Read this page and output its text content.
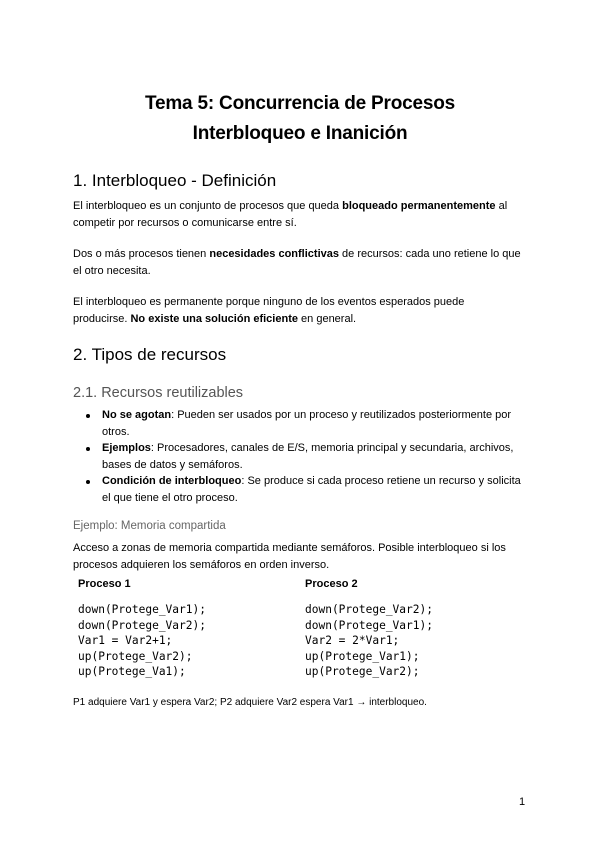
Tema 5: Concurrencia de Procesos
Interbloqueo e Inanición
1. Interbloqueo - Definición
El interbloqueo es un conjunto de procesos que queda bloqueado permanentemente al
competir por recursos o comunicarse entre sí.
Dos o más procesos tienen necesidades conflictivas de recursos: cada uno retiene lo que
el otro necesita.
El interbloqueo es permanente porque ninguno de los eventos esperados puede
producirse. No existe una solución eficiente en general.
2. Tipos de recursos
2.1. Recursos reutilizables
No se agotan: Pueden ser usados por un proceso y reutilizados posteriormente por
otros.
Ejemplos: Procesadores, canales de E/S, memoria principal y secundaria, archivos,
bases de datos y semáforos.
Condición de interbloqueo: Se produce si cada proceso retiene un recurso y solicita
el que tiene el otro proceso.
Ejemplo: Memoria compartida
Acceso a zonas de memoria compartida mediante semáforos. Posible interbloqueo si los
procesos adquieren los semáforos en orden inverso.
Proceso 1	Proceso 2
down(Protege_Var1);
down(Protege_Var2);
Var1 = Var2+1;
up(Protege_Var2);
up(Protege_Va1);
down(Protege_Var2);
down(Protege_Var1);
Var2 = 2*Var1;
up(Protege_Var1);
up(Protege_Var2);
P1 adquiere Var1 y espera Var2; P2 adquiere Var2 espera Var1 → interbloqueo.
1
